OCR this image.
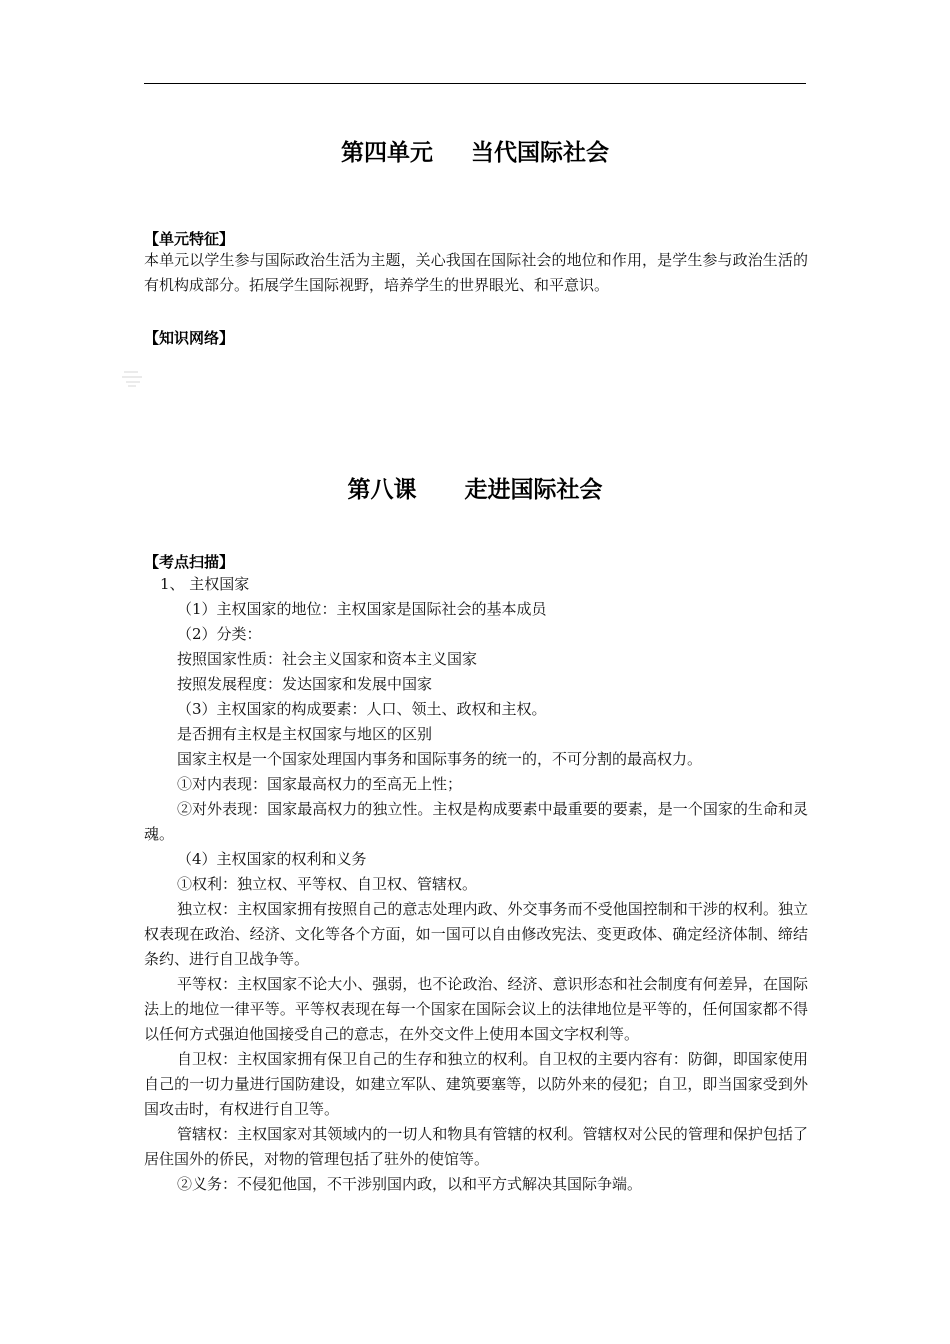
第四单元 当代国际社会
【单元特征】
本单元以学生参与国际政治生活为主题，关心我国在国际社会的地位和作用，是学生参与政治生活的有机构成部分。拓展学生国际视野，培养学生的世界眼光、和平意识。
【知识网络】
第八课 走进国际社会
【考点扫描】
1、 主权国家
（1）主权国家的地位：主权国家是国际社会的基本成员
（2）分类：
按照国家性质：社会主义国家和资本主义国家
按照发展程度：发达国家和发展中国家
（3）主权国家的构成要素：人口、领土、政权和主权。
是否拥有主权是主权国家与地区的区别
国家主权是一个国家处理国内事务和国际事务的统一的，不可分割的最高权力。
①对内表现：国家最高权力的至高无上性；
②对外表现：国家最高权力的独立性。主权是构成要素中最重要的要素，是一个国家的生命和灵魂。
（4）主权国家的权利和义务
①权利：独立权、平等权、自卫权、管辖权。
独立权：主权国家拥有按照自己的意志处理内政、外交事务而不受他国控制和干涉的权利。独立权表现在政治、经济、文化等各个方面，如一国可以自由修改宪法、变更政体、确定经济体制、缔结条约、进行自卫战争等。
平等权：主权国家不论大小、强弱，也不论政治、经济、意识形态和社会制度有何差异，在国际法上的地位一律平等。平等权表现在每一个国家在国际会议上的法律地位是平等的，任何国家都不得以任何方式强迫他国接受自己的意志，在外交文件上使用本国文字权利等。
自卫权：主权国家拥有保卫自己的生存和独立的权利。自卫权的主要内容有：防御，即国家使用自己的一切力量进行国防建设，如建立军队、建筑要塞等，以防外来的侵犯；自卫，即当国家受到外国攻击时，有权进行自卫等。
管辖权：主权国家对其领域内的一切人和物具有管辖的权利。管辖权对公民的管理和保护包括了居住国外的侨民，对物的管理包括了驻外的使馆等。
②义务：不侵犯他国，不干涉别国内政，以和平方式解决其国际争端。
